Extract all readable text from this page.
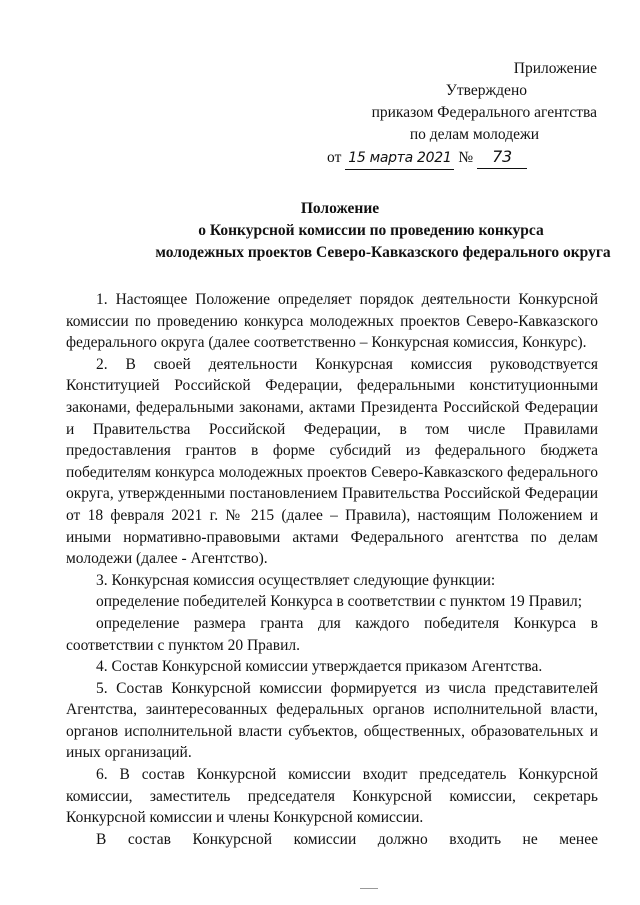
Приложение
Утверждено
приказом Федерального агентства
по делам молодежи
от 15 марта 2021 № 73
Положение
о Конкурсной комиссии по проведению конкурса
молодежных проектов Северо-Кавказского федерального округа

1. Настоящее Положение определяет порядок деятельности Конкурсной комиссии по проведению конкурса молодежных проектов Северо-Кавказского федерального округа (далее соответственно – Конкурсная комиссия, Конкурс).

2. В своей деятельности Конкурсная комиссия руководствуется Конституцией Российской Федерации, федеральными конституционными законами, федеральными законами, актами Президента Российской Федерации и Правительства Российской Федерации, в том числе Правилами предоставления грантов в форме субсидий из федерального бюджета победителям конкурса молодежных проектов Северо-Кавказского федерального округа, утвержденными постановлением Правительства Российской Федерации от 18 февраля 2021 г. № 215 (далее – Правила), настоящим Положением и иными нормативно-правовыми актами Федерального агентства по делам молодежи (далее - Агентство).

3. Конкурсная комиссия осуществляет следующие функции:

определение победителей Конкурса в соответствии с пунктом 19 Правил;

определение размера гранта для каждого победителя Конкурса в соответствии с пунктом 20 Правил.

4. Состав Конкурсной комиссии утверждается приказом Агентства.

5. Состав Конкурсной комиссии формируется из числа представителей Агентства, заинтересованных федеральных органов исполнительной власти, органов исполнительной власти субъектов, общественных, образовательных и иных организаций.

6. В состав Конкурсной комиссии входит председатель Конкурсной комиссии, заместитель председателя Конкурсной комиссии, секретарь Конкурсной комиссии и члены Конкурсной комиссии.

В состав Конкурсной комиссии должно входить не менее
